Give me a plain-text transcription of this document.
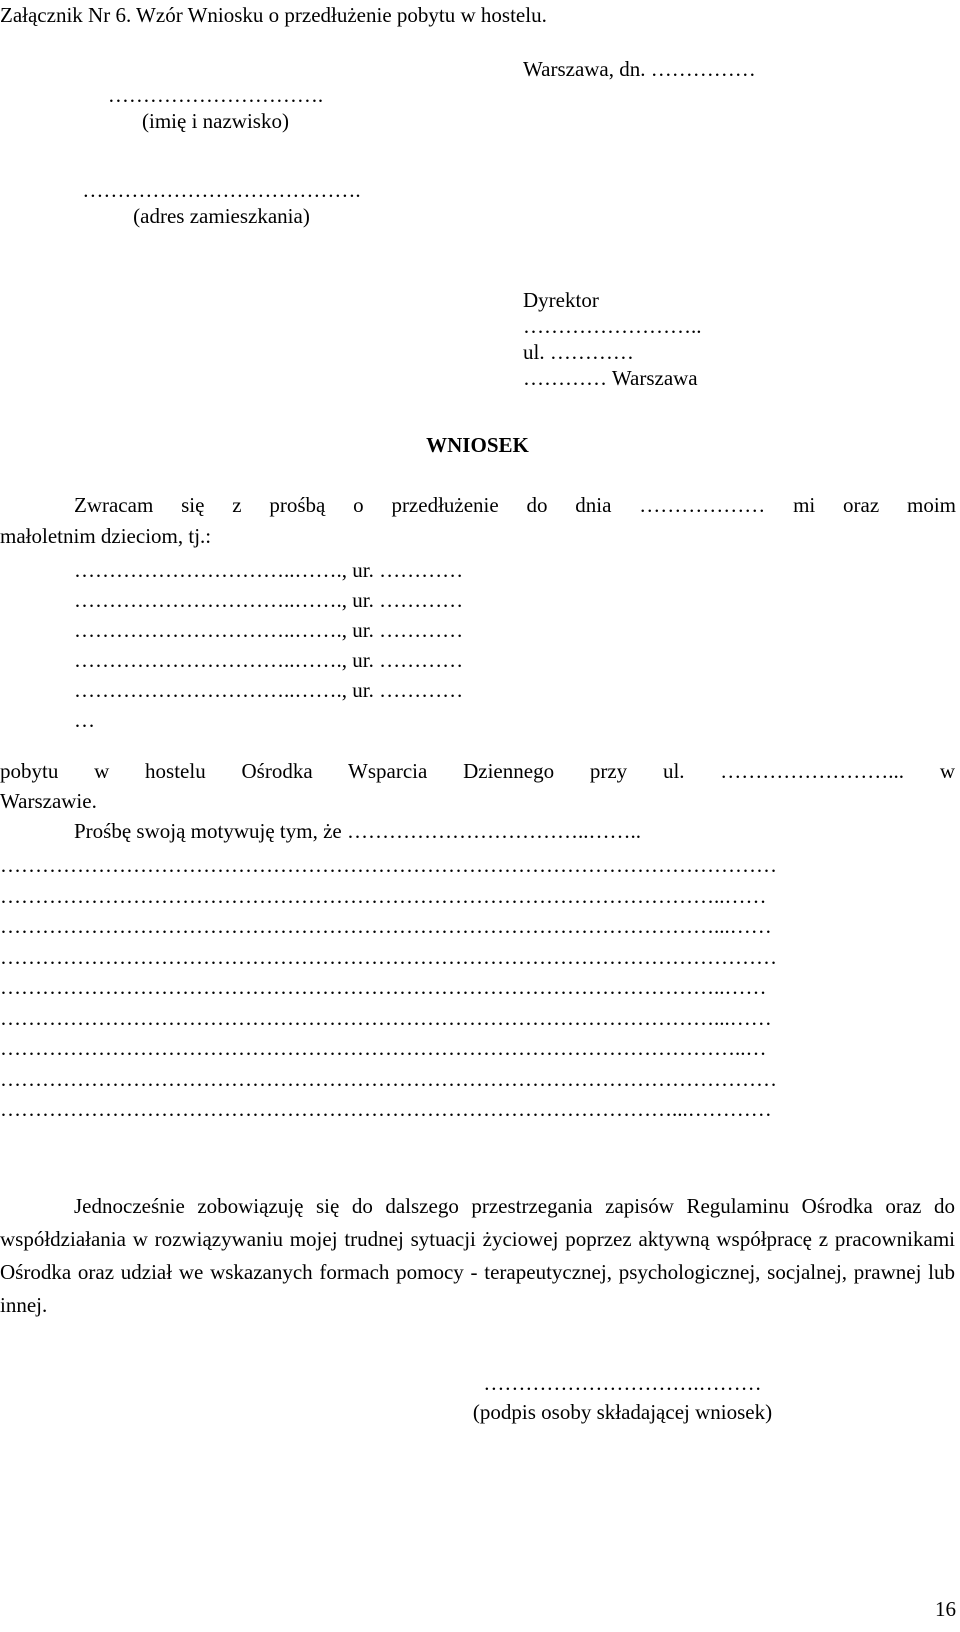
Załącznik Nr 6. Wzór Wniosku o przedłużenie pobytu w hostelu.
Warszawa, dn. ……………
………………………….
(imię i nazwisko)
………………………………….
(adres zamieszkania)
Dyrektor
……………………..
ul. …………
………… Warszawa
WNIOSEK
Zwracam się z prośbą o przedłużenie do dnia ……………… mi oraz moim
małoletnim dzieciom, tj.:
…………………………..……., ur. …………
…………………………..……., ur. …………
…………………………..……., ur. …………
…………………………..……., ur. …………
…………………………..……., ur. …………
…
pobytu w hostelu Ośrodka Wsparcia Dziennego przy ul. ……………………... w
Warszawie.
Prośbę swoją motywuję tym, że ……………………………..……..
…………………………………………………………………………………………………
…………………………………………………………………………………………..……
…………………………………………………………………………………………...……
…………………………………………………………………………………………………
…………………………………………………………………………………………..……
…………………………………………………………………………………………...……
……………………………………………………………………………………………..…
…………………………………………………………………………………………………
……………………………………………………………………………………...…………
Jednocześnie zobowiązuję się do dalszego przestrzegania zapisów Regulaminu Ośrodka oraz do współdziałania w rozwiązywaniu mojej trudnej sytuacji życiowej poprzez aktywną współpracę z pracownikami Ośrodka oraz udział we wskazanych formach pomocy - terapeutycznej, psychologicznej, socjalnej, prawnej lub innej.
………………………….………
(podpis osoby składającej wniosek)
16
